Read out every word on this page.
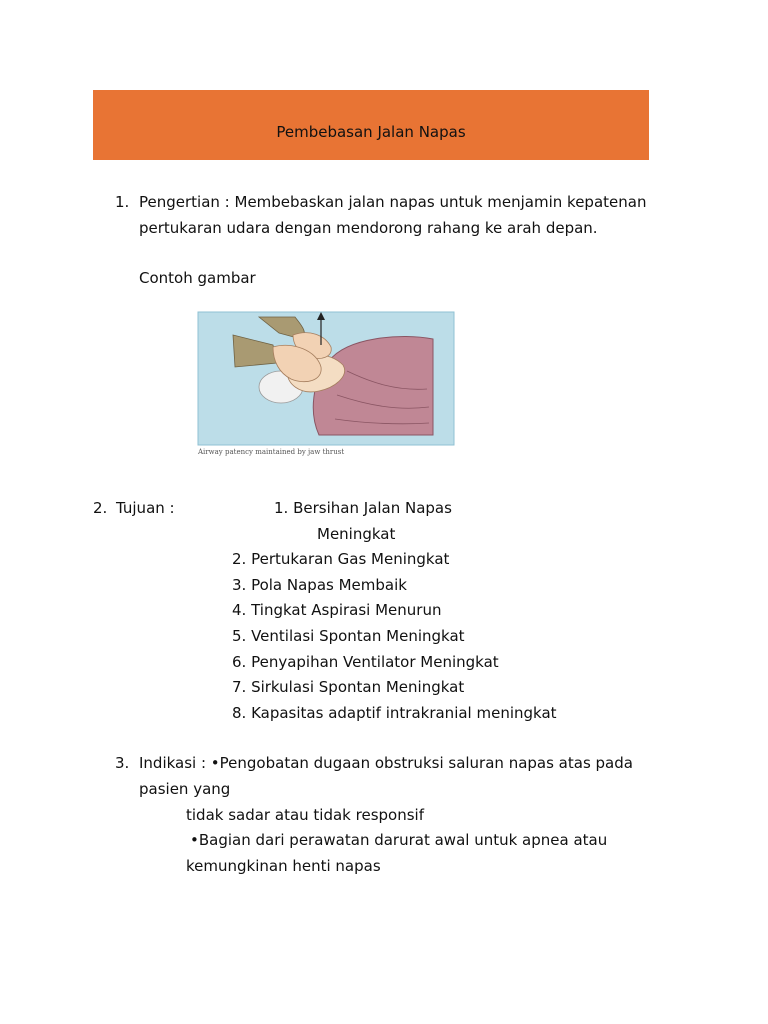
Pembebasan Jalan Napas
1. Pengertian : Membebaskan jalan napas untuk menjamin kepatenan
pertukaran udara dengan mendorong rahang ke arah depan.
Contoh gambar
Airway patency maintained by jaw thrust
2. Tujuan :	1. Bersihan Jalan Napas
Meningkat
2. Pertukaran Gas Meningkat
3. Pola Napas Membaik
4. Tingkat Aspirasi Menurun
5. Ventilasi Spontan Meningkat
6. Penyapihan Ventilator Meningkat
7. Sirkulasi Spontan Meningkat
8. Kapasitas adaptif intrakranial meningkat
3. Indikasi : •Pengobatan dugaan obstruksi saluran napas atas pada
pasien yang
tidak sadar atau tidak responsif
•Bagian dari perawatan darurat awal untuk apnea atau
kemungkinan henti napas
